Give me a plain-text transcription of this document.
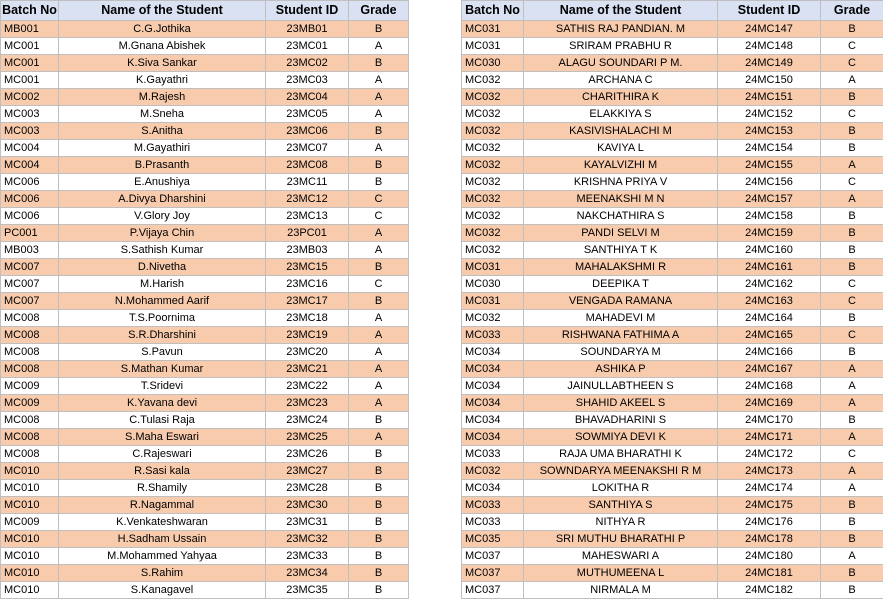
Batch No	Name of the Student	Student ID	Grade
MB001	C.G.Jothika	23MB01	B
MC001	M.Gnana Abishek	23MC01	A
MC001	K.Siva Sankar	23MC02	B
MC001	K.Gayathri	23MC03	A
MC002	M.Rajesh	23MC04	A
MC003	M.Sneha	23MC05	A
MC003	S.Anitha	23MC06	B
MC004	M.Gayathiri	23MC07	A
MC004	B.Prasanth	23MC08	B
MC006	E.Anushiya	23MC11	B
MC006	A.Divya Dharshini	23MC12	C
MC006	V.Glory Joy	23MC13	C
PC001	P.Vijaya Chin	23PC01	A
MB003	S.Sathish Kumar	23MB03	A
MC007	D.Nivetha	23MC15	B
MC007	M.Harish	23MC16	C
MC007	N.Mohammed Aarif	23MC17	B
MC008	T.S.Poornima	23MC18	A
MC008	S.R.Dharshini	23MC19	A
MC008	S.Pavun	23MC20	A
MC008	S.Mathan Kumar	23MC21	A
MC009	T.Sridevi	23MC22	A
MC009	K.Yavana devi	23MC23	A
MC008	C.Tulasi Raja	23MC24	B
MC008	S.Maha Eswari	23MC25	A
MC008	C.Rajeswari	23MC26	B
MC010	R.Sasi kala	23MC27	B
MC010	R.Shamily	23MC28	B
MC010	R.Nagammal	23MC30	B
MC009	K.Venkateshwaran	23MC31	B
MC010	H.Sadham Ussain	23MC32	B
MC010	M.Mohammed Yahyaa	23MC33	B
MC010	S.Rahim	23MC34	B
MC010	S.Kanagavel	23MC35	B
Batch No	Name of the Student	Student ID	Grade
MC031	SATHIS RAJ PANDIAN. M	24MC147	B
MC031	SRIRAM PRABHU R	24MC148	C
MC030	ALAGU SOUNDARI P M.	24MC149	C
MC032	ARCHANA C	24MC150	A
MC032	CHARITHIRA K	24MC151	B
MC032	ELAKKIYA S	24MC152	C
MC032	KASIVISHALACHI M	24MC153	B
MC032	KAVIYA L	24MC154	B
MC032	KAYALVIZHI M	24MC155	A
MC032	KRISHNA PRIYA V	24MC156	C
MC032	MEENAKSHI M N	24MC157	A
MC032	NAKCHATHIRA S	24MC158	B
MC032	PANDI SELVI M	24MC159	B
MC032	SANTHIYA T K	24MC160	B
MC031	MAHALAKSHMI R	24MC161	B
MC030	DEEPIKA T	24MC162	C
MC031	VENGADA RAMANA	24MC163	C
MC032	MAHADEVI M	24MC164	B
MC033	RISHWANA FATHIMA A	24MC165	C
MC034	SOUNDARYA M	24MC166	B
MC034	ASHIKA P	24MC167	A
MC034	JAINULLABTHEEN S	24MC168	A
MC034	SHAHID AKEEL S	24MC169	A
MC034	BHAVADHARINI S	24MC170	B
MC034	SOWMIYA DEVI K	24MC171	A
MC033	RAJA UMA BHARATHI K	24MC172	C
MC032	SOWNDARYA MEENAKSHI R M	24MC173	A
MC034	LOKITHA R	24MC174	A
MC033	SANTHIYA S	24MC175	B
MC033	NITHYA R	24MC176	B
MC035	SRI MUTHU BHARATHI P	24MC178	B
MC037	MAHESWARI A	24MC180	A
MC037	MUTHUMEENA L	24MC181	B
MC037	NIRMALA M	24MC182	B
